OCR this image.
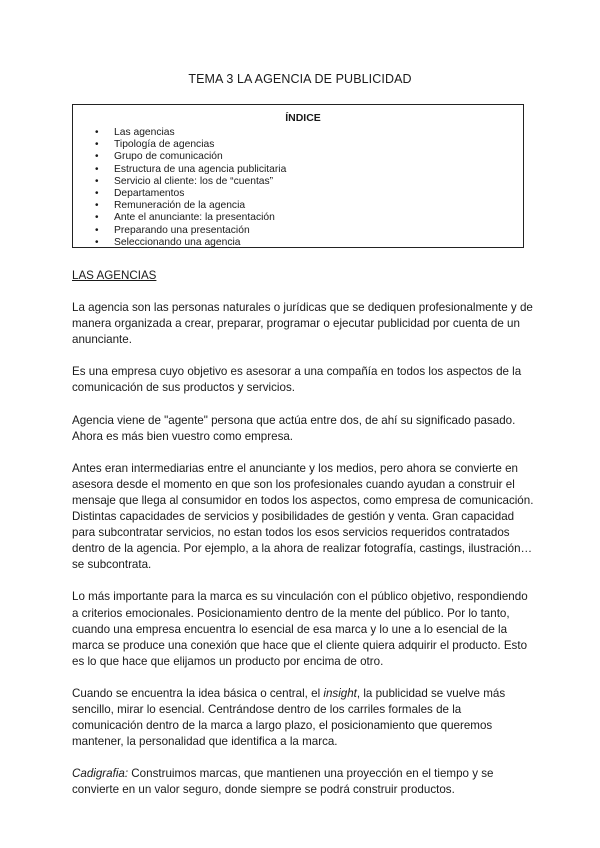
TEMA 3 LA AGENCIA DE PUBLICIDAD
ÍNDICE
• Las agencias
• Tipología de agencias
• Grupo de comunicación
• Estructura de una agencia publicitaria
• Servicio al cliente: los de “cuentas”
• Departamentos
• Remuneración de la agencia
• Ante el anunciante: la presentación
• Preparando una presentación
• Seleccionando una agencia

LAS AGENCIAS

La agencia son las personas naturales o jurídicas que se dediquen profesionalmente y de manera organizada a crear, preparar, programar o ejecutar publicidad por cuenta de un anunciante.

Es una empresa cuyo objetivo es asesorar a una compañía en todos los aspectos de la comunicación de sus productos y servicios.

Agencia viene de "agente" persona que actúa entre dos, de ahí su significado pasado. Ahora es más bien vuestro como empresa.

Antes eran intermediarias entre el anunciante y los medios, pero ahora se convierte en asesora desde el momento en que son los profesionales cuando ayudan a construir el mensaje que llega al consumidor en todos los aspectos, como empresa de comunicación. Distintas capacidades de servicios y posibilidades de gestión y venta. Gran capacidad para subcontratar servicios, no estan todos los esos servicios requeridos contratados dentro de la agencia. Por ejemplo, a la ahora de realizar fotografía, castings, ilustración… se subcontrata.

Lo más importante para la marca es su vinculación con el público objetivo, respondiendo a criterios emocionales. Posicionamiento dentro de la mente del público. Por lo tanto, cuando una empresa encuentra lo esencial de esa marca y lo une a lo esencial de la marca se produce una conexión que hace que el cliente quiera adquirir el producto. Esto es lo que hace que elijamos un producto por encima de otro.

Cuando se encuentra la idea básica o central, el insight, la publicidad se vuelve más sencillo, mirar lo esencial. Centrándose dentro de los carriles formales de la comunicación dentro de la marca a largo plazo, el posicionamiento que queremos mantener, la personalidad que identifica a la marca.

Cadigrafia: Construimos marcas, que mantienen una proyección en el tiempo y se convierte en un valor seguro, donde siempre se podrá construir productos.
